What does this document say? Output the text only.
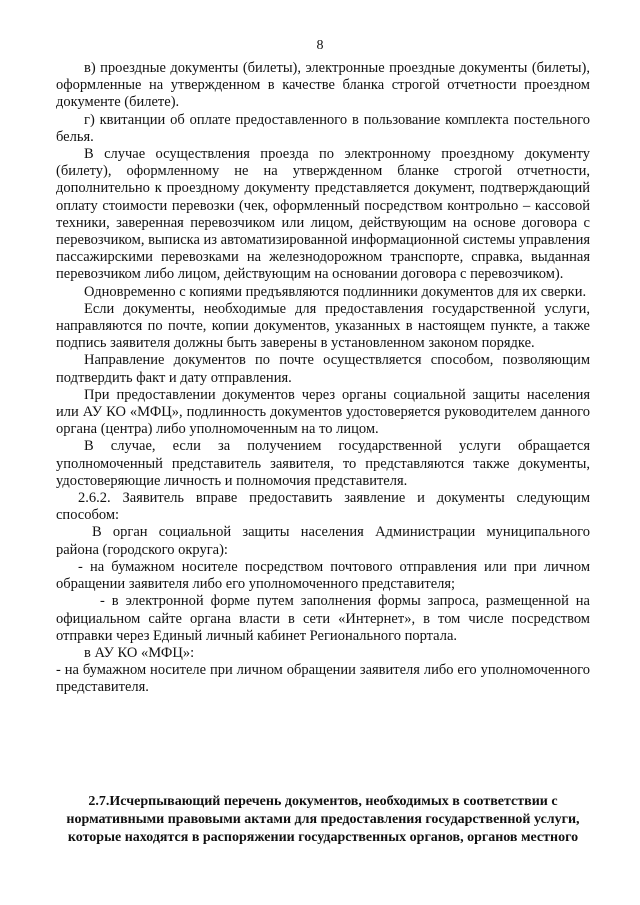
8

в) проездные документы (билеты), электронные проездные документы (билеты), оформленные на утвержденном в качестве бланка строгой отчетности проездном документе (билете).

г) квитанции об оплате предоставленного в пользование комплекта постельного белья.

В случае осуществления проезда по электронному проездному документу (билету), оформленному не на утвержденном бланке строгой отчетности, дополнительно к проездному документу представляется документ, подтверждающий оплату стоимости перевозки (чек, оформленный посредством контрольно – кассовой техники, заверенная перевозчиком или лицом, действующим на основе договора с перевозчиком, выписка из автоматизированной информационной системы управления пассажирскими перевозками на железнодорожном транспорте, справка, выданная перевозчиком либо лицом, действующим на основании договора с перевозчиком).

Одновременно с копиями предъявляются подлинники документов для их сверки.

Если документы, необходимые для предоставления государственной услуги, направляются по почте, копии документов, указанных в настоящем пункте, а также подпись заявителя должны быть заверены в установленном законом порядке.

Направление документов по почте осуществляется способом, позволяющим подтвердить факт и дату отправления.

При предоставлении документов через органы социальной защиты населения или АУ КО «МФЦ», подлинность документов удостоверяется руководителем данного органа (центра) либо уполномоченным на то лицом.

В случае, если за получением государственной услуги обращается уполномоченный представитель заявителя, то представляются также документы, удостоверяющие личность и полномочия представителя.

2.6.2. Заявитель вправе предоставить заявление и документы следующим способом:

В орган социальной защиты населения Администрации муниципального района (городского округа):

- на бумажном носителе посредством почтового отправления или при личном обращении заявителя либо его уполномоченного представителя;

- в электронной форме путем заполнения формы запроса, размещенной на официальном сайте органа власти в сети «Интернет», в том числе посредством отправки через Единый личный кабинет Регионального портала.

в АУ КО «МФЦ»:

- на бумажном носителе при личном обращении заявителя либо его уполномоченного представителя.

2.7.Исчерпывающий перечень документов, необходимых в соответствии с

нормативными правовыми актами для предоставления государственной услуги,

которые находятся в распоряжении государственных органов, органов местного
